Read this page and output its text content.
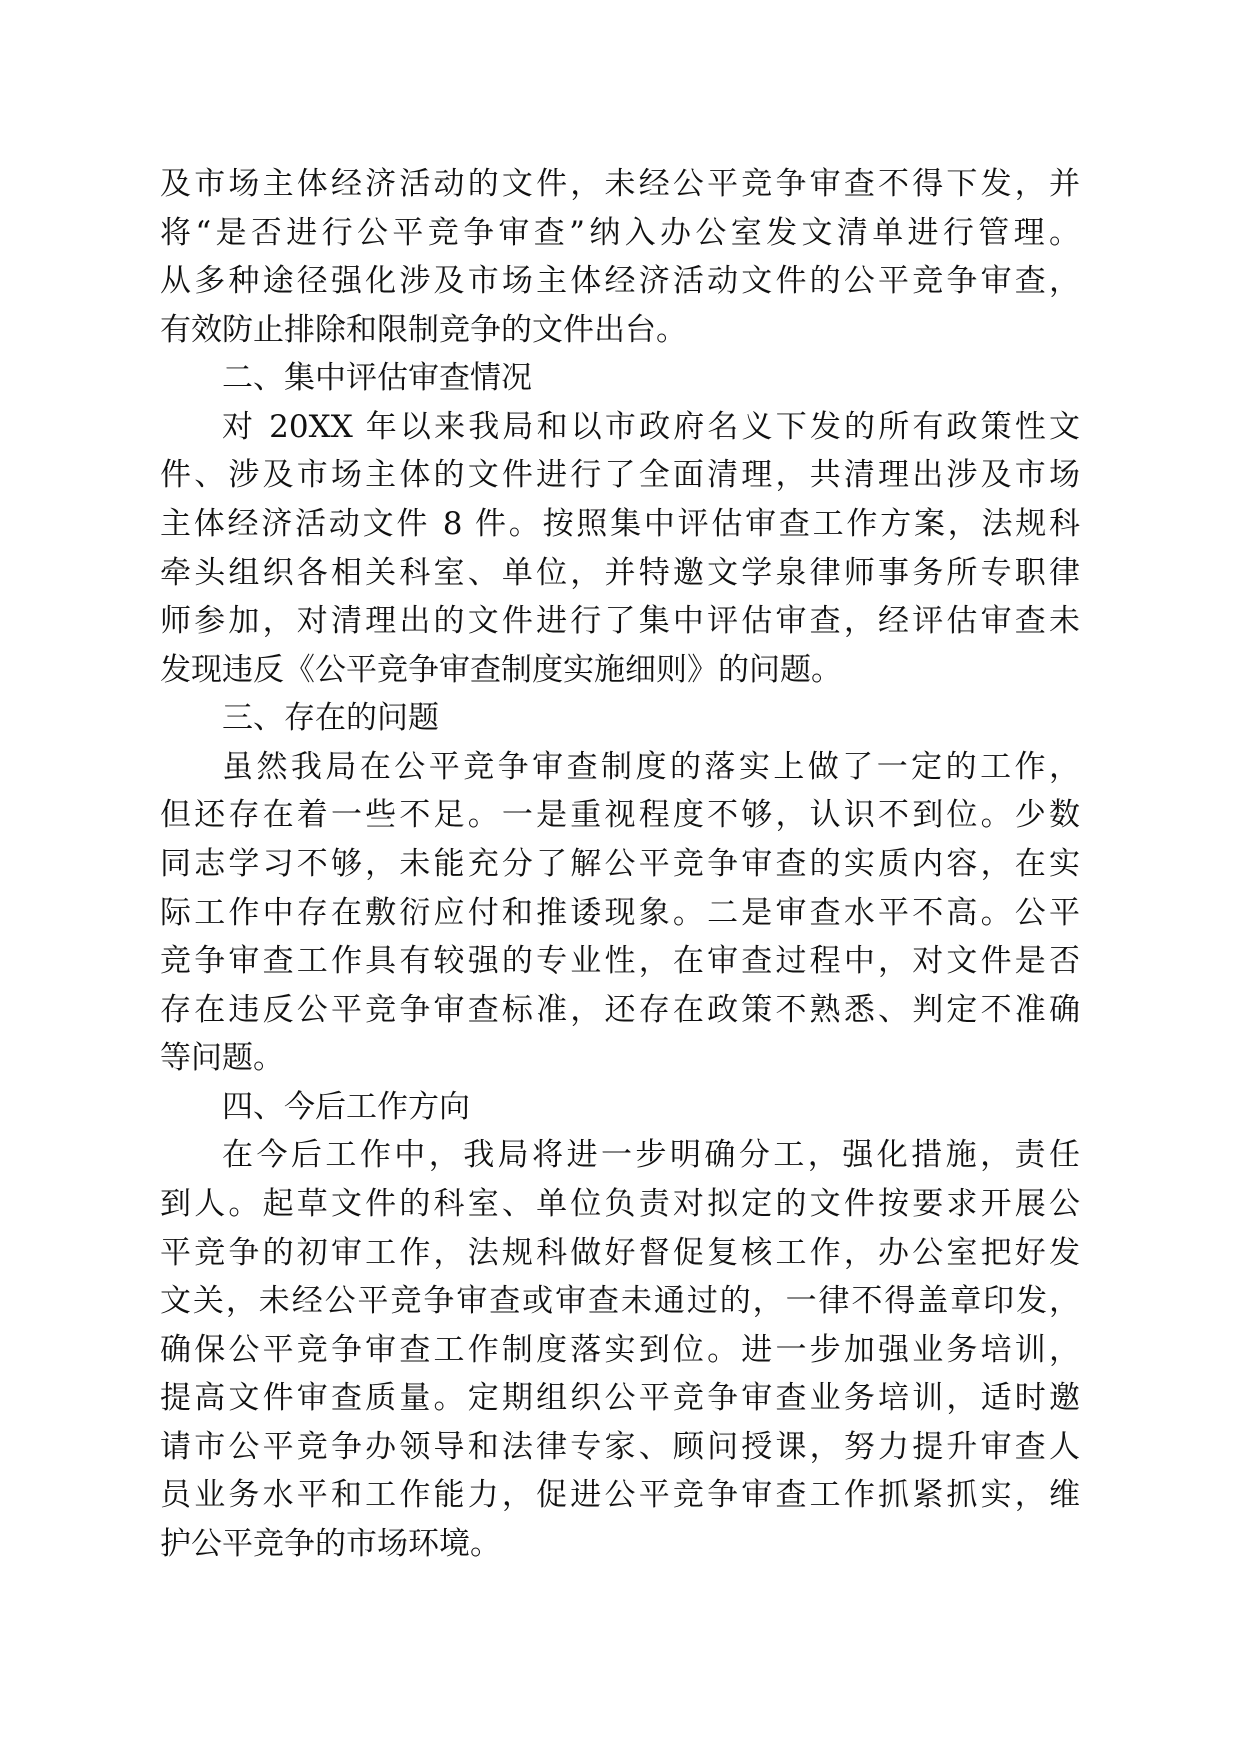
及市场主体经济活动的文件，未经公平竞争审查不得下发，并
将“是否进行公平竞争审查”纳入办公室发文清单进行管理。
从多种途径强化涉及市场主体经济活动文件的公平竞争审查，
有效防止排除和限制竞争的文件出台。
二、集中评估审查情况
对 20XX 年以来我局和以市政府名义下发的所有政策性文
件、涉及市场主体的文件进行了全面清理，共清理出涉及市场
主体经济活动文件 8 件。按照集中评估审查工作方案，法规科
牵头组织各相关科室、单位，并特邀文学泉律师事务所专职律
师参加，对清理出的文件进行了集中评估审查，经评估审查未
发现违反《公平竞争审查制度实施细则》的问题。
三、存在的问题
虽然我局在公平竞争审查制度的落实上做了一定的工作，
但还存在着一些不足。一是重视程度不够，认识不到位。少数
同志学习不够，未能充分了解公平竞争审查的实质内容，在实
际工作中存在敷衍应付和推诿现象。二是审查水平不高。公平
竞争审查工作具有较强的专业性，在审查过程中，对文件是否
存在违反公平竞争审查标准，还存在政策不熟悉、判定不准确
等问题。
四、今后工作方向
在今后工作中，我局将进一步明确分工，强化措施，责任
到人。起草文件的科室、单位负责对拟定的文件按要求开展公
平竞争的初审工作，法规科做好督促复核工作，办公室把好发
文关，未经公平竞争审查或审查未通过的，一律不得盖章印发，
确保公平竞争审查工作制度落实到位。进一步加强业务培训，
提高文件审查质量。定期组织公平竞争审查业务培训，适时邀
请市公平竞争办领导和法律专家、顾问授课，努力提升审查人
员业务水平和工作能力，促进公平竞争审查工作抓紧抓实，维
护公平竞争的市场环境。
